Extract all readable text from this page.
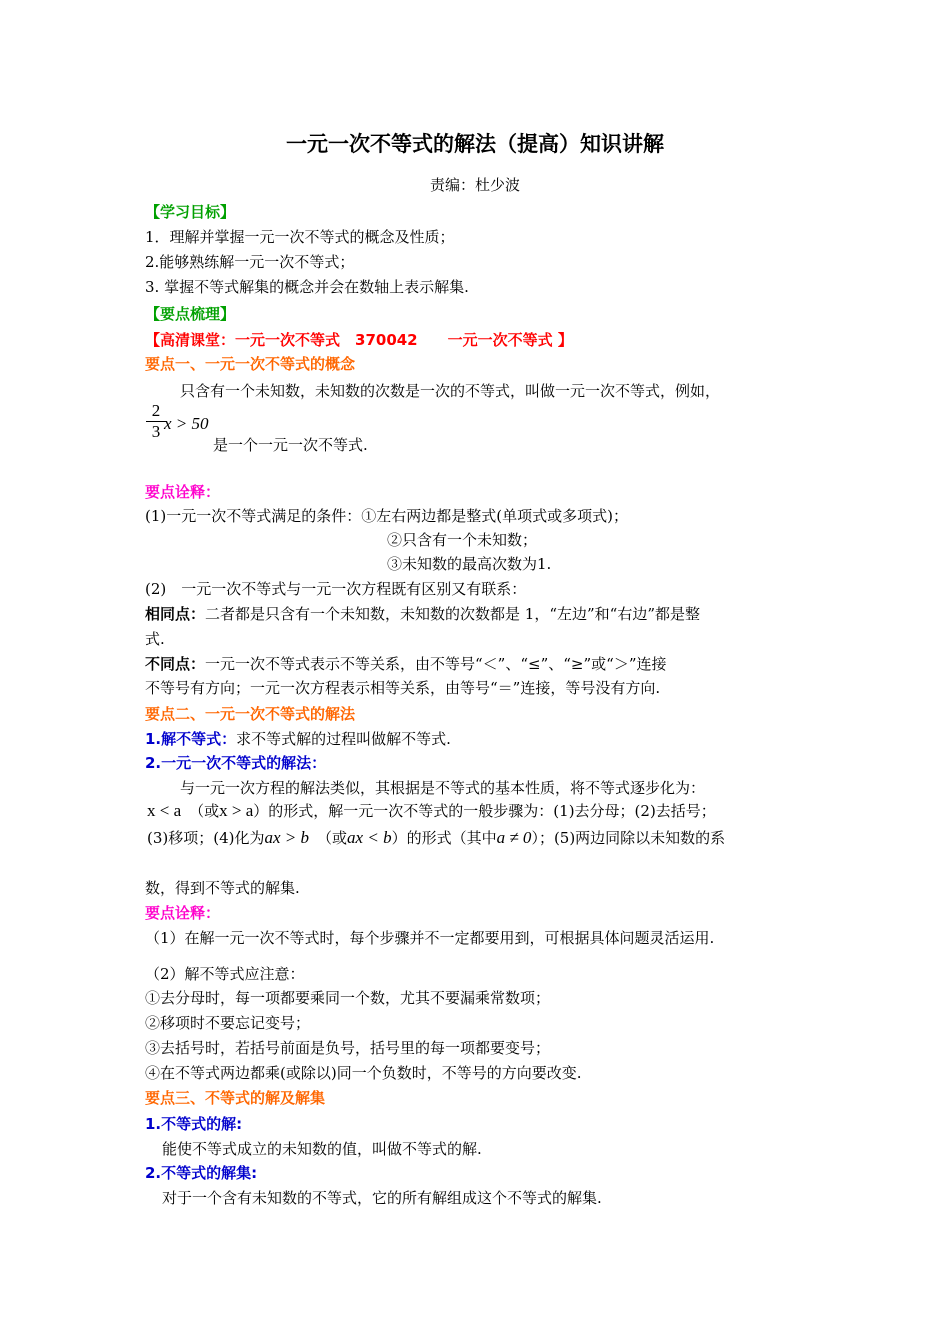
一元一次不等式的解法（提高）知识讲解
责编：杜少波
【学习目标】
1．理解并掌握一元一次不等式的概念及性质；
2.能够熟练解一元一次不等式；
3. 掌握不等式解集的概念并会在数轴上表示解集.
【要点梳理】
【高清课堂：一元一次不等式　370042　　一元一次不等式 】
要点一、一元一次不等式的概念
只含有一个未知数，未知数的次数是一次的不等式，叫做一元一次不等式，例如，
2
3 x > 50
是一个一元一次不等式.
要点诠释：
(1)一元一次不等式满足的条件：①左右两边都是整式(单项式或多项式)；
②只含有一个未知数；
③未知数的最高次数为1.
(2)　一元一次不等式与一元一次方程既有区别又有联系：
相同点：二者都是只含有一个未知数，未知数的次数都是 1，“左边”和“右边”都是整
式.
不同点：一元一次不等式表示不等关系，由不等号“＜”、“≤”、“≥”或“＞”连接
不等号有方向；一元一次方程表示相等关系，由等号“＝”连接，等号没有方向.
要点二、一元一次不等式的解法
1.解不等式：求不等式解的过程叫做解不等式.
2.一元一次不等式的解法：
与一元一次方程的解法类似，其根据是不等式的基本性质，将不等式逐步化为：
x < a （或x > a）的形式，解一元一次不等式的一般步骤为：(1)去分母；(2)去括号；
(3)移项；(4)化为ax > b （或ax < b）的形式（其中a ≠ 0）；(5)两边同除以未知数的系
数，得到不等式的解集.
要点诠释：
（1）在解一元一次不等式时，每个步骤并不一定都要用到，可根据具体问题灵活运用.
（2）解不等式应注意：
①去分母时，每一项都要乘同一个数，尤其不要漏乘常数项；
②移项时不要忘记变号；
③去括号时，若括号前面是负号，括号里的每一项都要变号；
④在不等式两边都乘(或除以)同一个负数时，不等号的方向要改变.
要点三、不等式的解及解集
1.不等式的解:
能使不等式成立的未知数的值，叫做不等式的解.
2.不等式的解集:
对于一个含有未知数的不等式，它的所有解组成这个不等式的解集.
